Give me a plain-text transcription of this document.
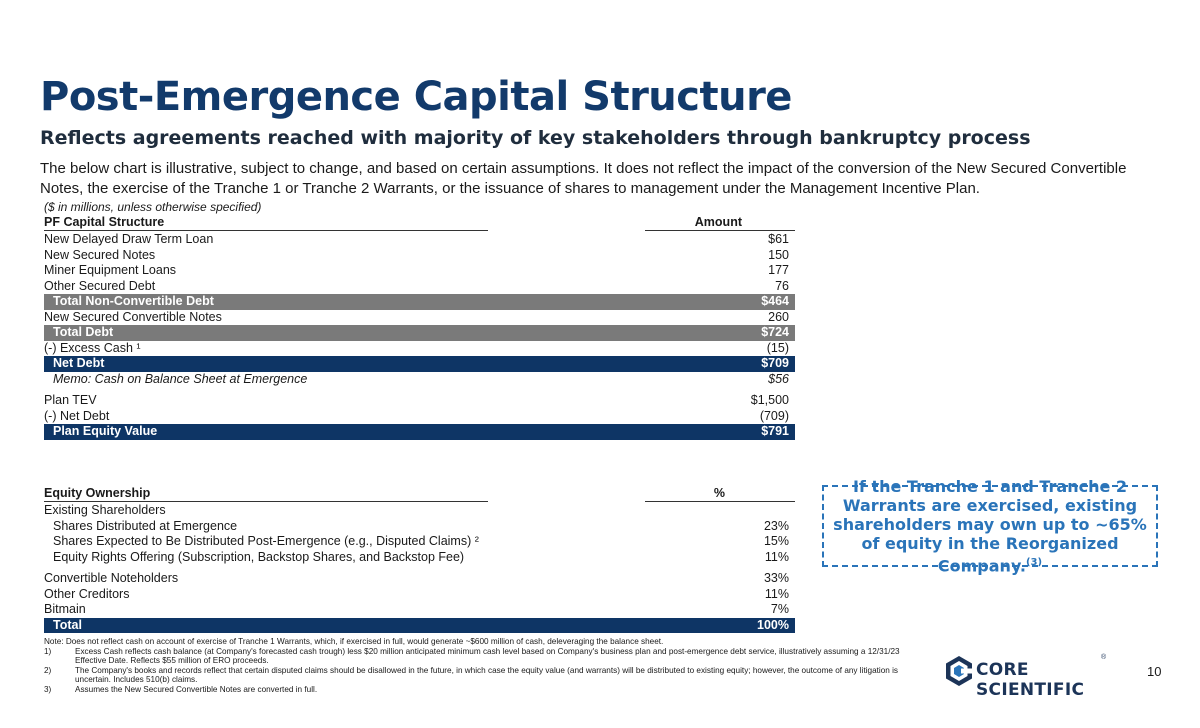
Post-Emergence Capital Structure
Reflects agreements reached with majority of key stakeholders through bankruptcy process

The below chart is illustrative, subject to change, and based on certain assumptions. It does not reflect the impact of the conversion of the New Secured Convertible Notes, the exercise of the Tranche 1 or Tranche 2 Warrants, or the issuance of shares to management under the Management Incentive Plan.

($ in millions, unless otherwise specified)
PF Capital Structure	Amount
New Delayed Draw Term Loan	$61
New Secured Notes	150
Miner Equipment Loans	177
Other Secured Debt	76
Total Non-Convertible Debt	$464
New Secured Convertible Notes	260
Total Debt	$724
(-) Excess Cash ¹	(15)
Net Debt	$709
Memo: Cash on Balance Sheet at Emergence	$56
Plan TEV	$1,500
(-) Net Debt	(709)
Plan Equity Value	$791
Equity Ownership	%
Existing Shareholders
Shares Distributed at Emergence	23%
Shares Expected to Be Distributed Post-Emergence (e.g., Disputed Claims) ²	15%
Equity Rights Offering (Subscription, Backstop Shares, and Backstop Fee)	11%
Convertible Noteholders	33%
Other Creditors	11%
Bitmain	7%
Total	100%

If the Tranche 1 and Tranche 2 Warrants are exercised, existing shareholders may own up to ~65% of equity in the Reorganized Company.$^{(3)}$

Note: Does not reflect cash on account of exercise of Tranche 1 Warrants, which, if exercised in full, would generate ~$600 million of cash, deleveraging the balance sheet.
1)	Excess Cash reflects cash balance (at Company's forecasted cash trough) less $20 million anticipated minimum cash level based on Company's business plan and post-emergence debt service, illustratively assuming a 12/31/23 Effective Date. Reflects $55 million of ERO proceeds.
2)	The Company's books and records reflect that certain disputed claims should be disallowed in the future, in which case the equity value (and warrants) will be distributed to existing equity; however, the outcome of any litigation is uncertain. Includes 510(b) claims.
3)	Assumes the New Secured Convertible Notes are converted in full.
CORE SCIENTIFIC
®
10
